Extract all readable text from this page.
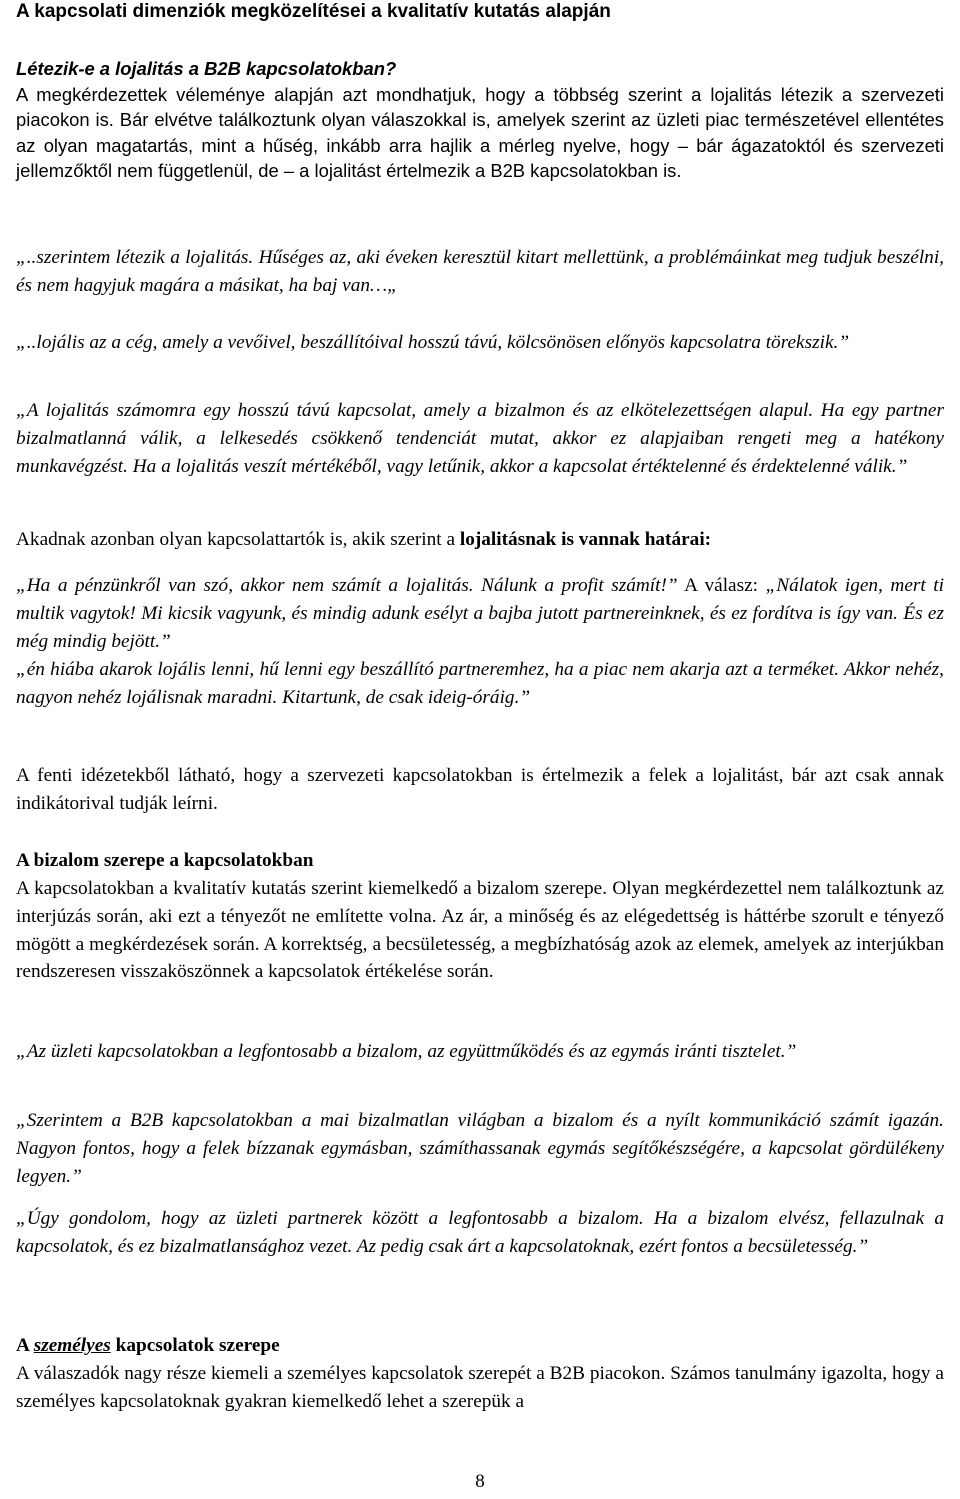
A kapcsolati dimenziók megközelítései a kvalitatív kutatás alapján

Létezik-e a lojalitás a B2B kapcsolatokban?

A megkérdezettek véleménye alapján azt mondhatjuk, hogy a többség szerint a lojalitás létezik a szervezeti piacokon is. Bár elvétve találkoztunk olyan válaszokkal is, amelyek szerint az üzleti piac természetével ellentétes az olyan magatartás, mint a hűség, inkább arra hajlik a mérleg nyelve, hogy – bár ágazatoktól és szervezeti jellemzőktől nem függetlenül, de – a lojalitást értelmezik a B2B kapcsolatokban is.

„..szerintem létezik a lojalitás. Hűséges az, aki éveken keresztül kitart mellettünk, a problémáinkat meg tudjuk beszélni, és nem hagyjuk magára a másikat, ha baj van…„

„..lojális az a cég, amely a vevőivel, beszállítóival hosszú távú, kölcsönösen előnyös kapcsolatra törekszik.”

„A lojalitás számomra egy hosszú távú kapcsolat, amely a bizalmon és az elkötelezettségen alapul. Ha egy partner bizalmatlanná válik, a lelkesedés csökkenő tendenciát mutat, akkor ez alapjaiban rengeti meg a hatékony munkavégzést. Ha a lojalitás veszít mértékéből, vagy letűnik, akkor a kapcsolat értéktelenné és érdektelenné válik.”

Akadnak azonban olyan kapcsolattartók is, akik szerint a lojalitásnak is vannak határai:

„Ha a pénzünkről van szó, akkor nem számít a lojalitás. Nálunk a profit számít!” A válasz: „Nálatok igen, mert ti multik vagytok! Mi kicsik vagyunk, és mindig adunk esélyt a bajba jutott partnereinknek, és ez fordítva is így van. És ez még mindig bejött.”

„én hiába akarok lojális lenni, hű lenni egy beszállító partneremhez, ha a piac nem akarja azt a terméket. Akkor nehéz, nagyon nehéz lojálisnak maradni. Kitartunk, de csak ideig-óráig.”

A fenti idézetekből látható, hogy a szervezeti kapcsolatokban is értelmezik a felek a lojalitást, bár azt csak annak indikátorival tudják leírni.

A bizalom szerepe a kapcsolatokban

A kapcsolatokban a kvalitatív kutatás szerint kiemelkedő a bizalom szerepe. Olyan megkérdezettel nem találkoztunk az interjúzás során, aki ezt a tényezőt ne említette volna. Az ár, a minőség és az elégedettség is háttérbe szorult e tényező mögött a megkérdezések során. A korrektség, a becsületesség, a megbízhatóság azok az elemek, amelyek az interjúkban rendszeresen visszaköszönnek a kapcsolatok értékelése során.

„Az üzleti kapcsolatokban a legfontosabb a bizalom, az együttműködés és az egymás iránti tisztelet.”

„Szerintem a B2B kapcsolatokban a mai bizalmatlan világban a bizalom és a nyílt kommunikáció számít igazán. Nagyon fontos, hogy a felek bízzanak egymásban, számíthassanak egymás segítőkészségére, a kapcsolat gördülékeny legyen.”

„Úgy gondolom, hogy az üzleti partnerek között a legfontosabb a bizalom. Ha a bizalom elvész, fellazulnak a kapcsolatok, és ez bizalmatlansághoz vezet. Az pedig csak árt a kapcsolatoknak, ezért fontos a becsületesség.”

A személyes kapcsolatok szerepe

A válaszadók nagy része kiemeli a személyes kapcsolatok szerepét a B2B piacokon. Számos tanulmány igazolta, hogy a személyes kapcsolatoknak gyakran kiemelkedő lehet a szerepük a

8
